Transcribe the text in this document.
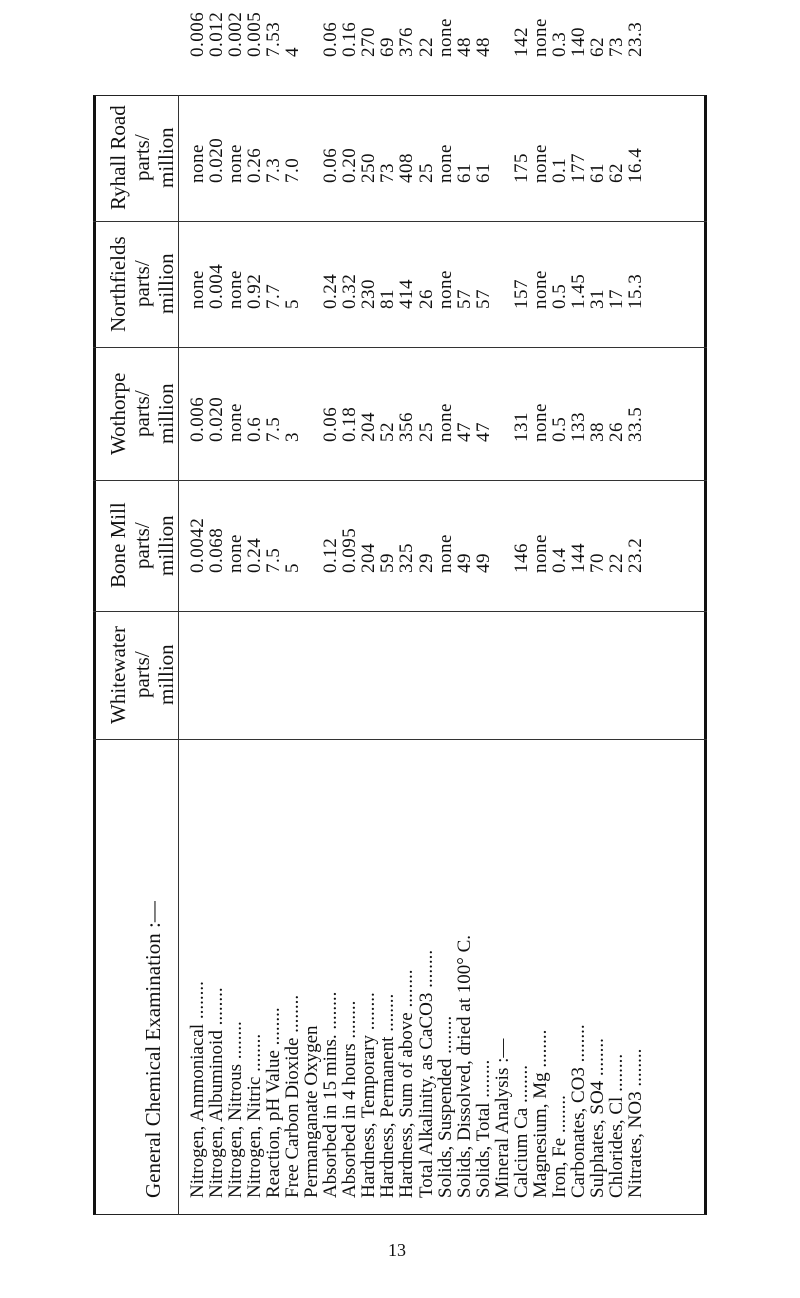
Whitewater parts/ million
Bone Mill parts/ million
Wothorpe parts/ million
Northfields parts/ million
Ryhall Road parts/ million
General Chemical Examination :— Nitrogen, Ammoniacal ........
0.0042
0.006
none
none
0.006
Nitrogen, Albuminoid ........
0.068
0.020
0.004
0.020
0.012
Nitrogen, Nitrous ........
none
none
none
none
0.002
Nitrogen, Nitric ........
0.24
0.6
0.92
0.26
0.005
Reaction, pH Value ........
7.5
7.5
7.7
7.3
7.53
Free Carbon Dioxide ........
5
3
5
7.0
4
Permanganate Oxygen
Absorbed in 15 mins. ........
0.12
0.06
0.24
0.06
0.06
Absorbed in 4 hours ........
0.095
0.18
0.32
0.20
0.16
Hardness, Temporary ........
204
204
230
250
270
Hardness, Permanent ........
59
52
81
73
69
Hardness, Sum of above ........
325
356
414
408
376
Total Alkalinity, as CaCO3 ........
29
25
26
25
22
Solids, Suspended ........
none
none
none
none
none
Solids, Dissolved, dried at 100° C.
49
47
57
61
48
Solids, Total ........
49
47
57
61
48
Mineral Analysis :—
Calcium Ca ........
146
131
157
175
142
Magnesium, Mg ........
none
none
none
none
none
Iron, Fe ........
0.4
0.5
0.5
0.1
0.3
Carbonates, CO3 ........
144
133
1.45
177
140
Sulphates, SO4 ........
70
38
31
61
62
Chlorides, Cl ........
22
26
17
62
73
Nitrates, NO3 ........
23.2
33.5
15.3
16.4
23.3
13
